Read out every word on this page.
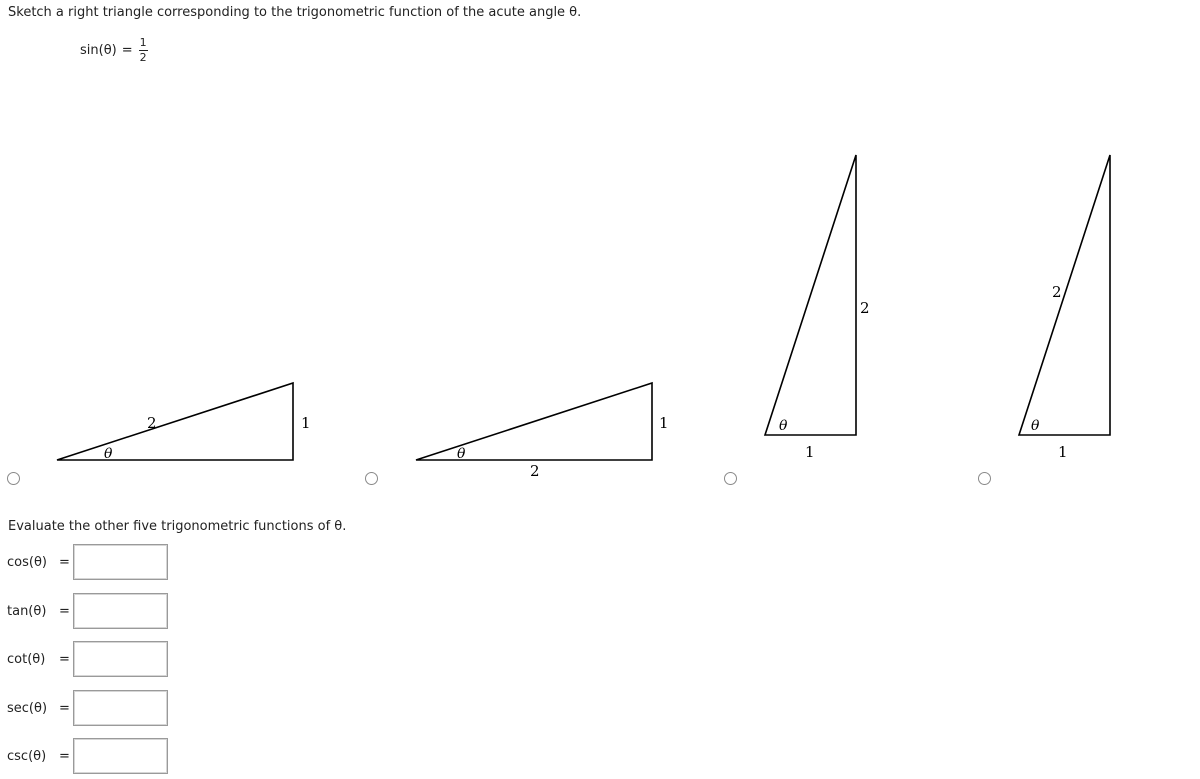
Sketch a right triangle corresponding to the trigonometric function of the acute angle θ.
$\sin(\theta) = \frac{1}{2}$
2	1
θ
2
1
θ
2
1
θ
2
1
θ
Evaluate the other five trigonometric functions of θ.
cos(θ) =
tan(θ) =
cot(θ)	=
sec(θ) =
csc(θ) =
